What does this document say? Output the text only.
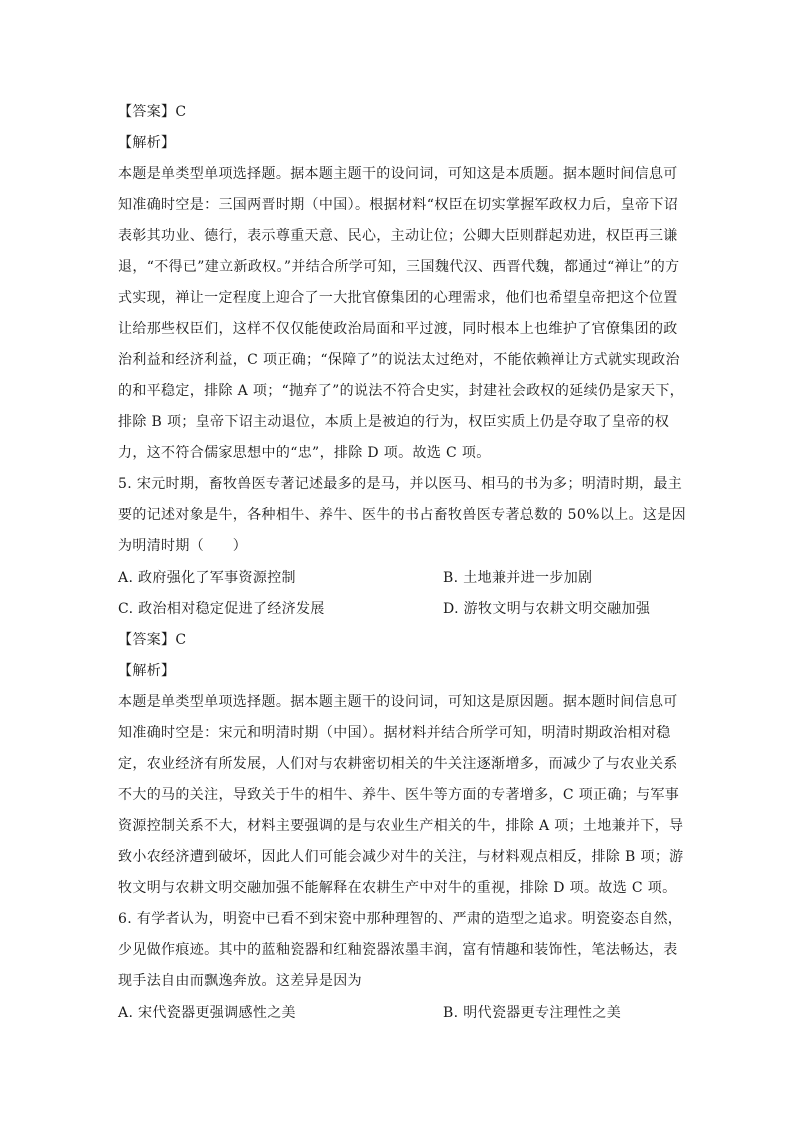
【答案】C
【解析】
本题是单类型单项选择题。据本题主题干的设问词，可知这是本质题。据本题时间信息可
知准确时空是：三国两晋时期（中国）。根据材料“权臣在切实掌握军政权力后，皇帝下诏
表彰其功业、德行，表示尊重天意、民心，主动让位；公卿大臣则群起劝进，权臣再三谦
退，“不得已”建立新政权。”并结合所学可知，三国魏代汉、西晋代魏，都通过“禅让”的方
式实现，禅让一定程度上迎合了一大批官僚集团的心理需求，他们也希望皇帝把这个位置
让给那些权臣们，这样不仅仅能使政治局面和平过渡，同时根本上也维护了官僚集团的政
治利益和经济利益，C 项正确；“保障了”的说法太过绝对，不能依赖禅让方式就实现政治
的和平稳定，排除 A 项；“抛弃了”的说法不符合史实，封建社会政权的延续仍是家天下，
排除 B 项；皇帝下诏主动退位，本质上是被迫的行为，权臣实质上仍是夺取了皇帝的权
力，这不符合儒家思想中的“忠”，排除 D 项。故选 C 项。
5. 宋元时期，畜牧兽医专著记述最多的是马，并以医马、相马的书为多；明清时期，最主
要的记述对象是牛，各种相牛、养牛、医牛的书占畜牧兽医专著总数的 50%以上。这是因
为明清时期（　　）
A. 政府强化了军事资源控制	B. 土地兼并进一步加剧
C. 政治相对稳定促进了经济发展	D. 游牧文明与农耕文明交融加强
【答案】C
【解析】
本题是单类型单项选择题。据本题主题干的设问词，可知这是原因题。据本题时间信息可
知准确时空是：宋元和明清时期（中国）。据材料并结合所学可知，明清时期政治相对稳
定，农业经济有所发展，人们对与农耕密切相关的牛关注逐渐增多，而减少了与农业关系
不大的马的关注，导致关于牛的相牛、养牛、医牛等方面的专著增多，C 项正确；与军事
资源控制关系不大，材料主要强调的是与农业生产相关的牛，排除 A 项；土地兼并下，导
致小农经济遭到破坏，因此人们可能会减少对牛的关注，与材料观点相反，排除 B 项；游
牧文明与农耕文明交融加强不能解释在农耕生产中对牛的重视，排除 D 项。故选 C 项。
6. 有学者认为，明瓷中已看不到宋瓷中那种理智的、严肃的造型之追求。明瓷姿态自然，
少见做作痕迹。其中的蓝釉瓷器和红釉瓷器浓墨丰润，富有情趣和装饰性，笔法畅达，表
现手法自由而飘逸奔放。这差异是因为
A. 宋代瓷器更强调感性之美	B. 明代瓷器更专注理性之美
